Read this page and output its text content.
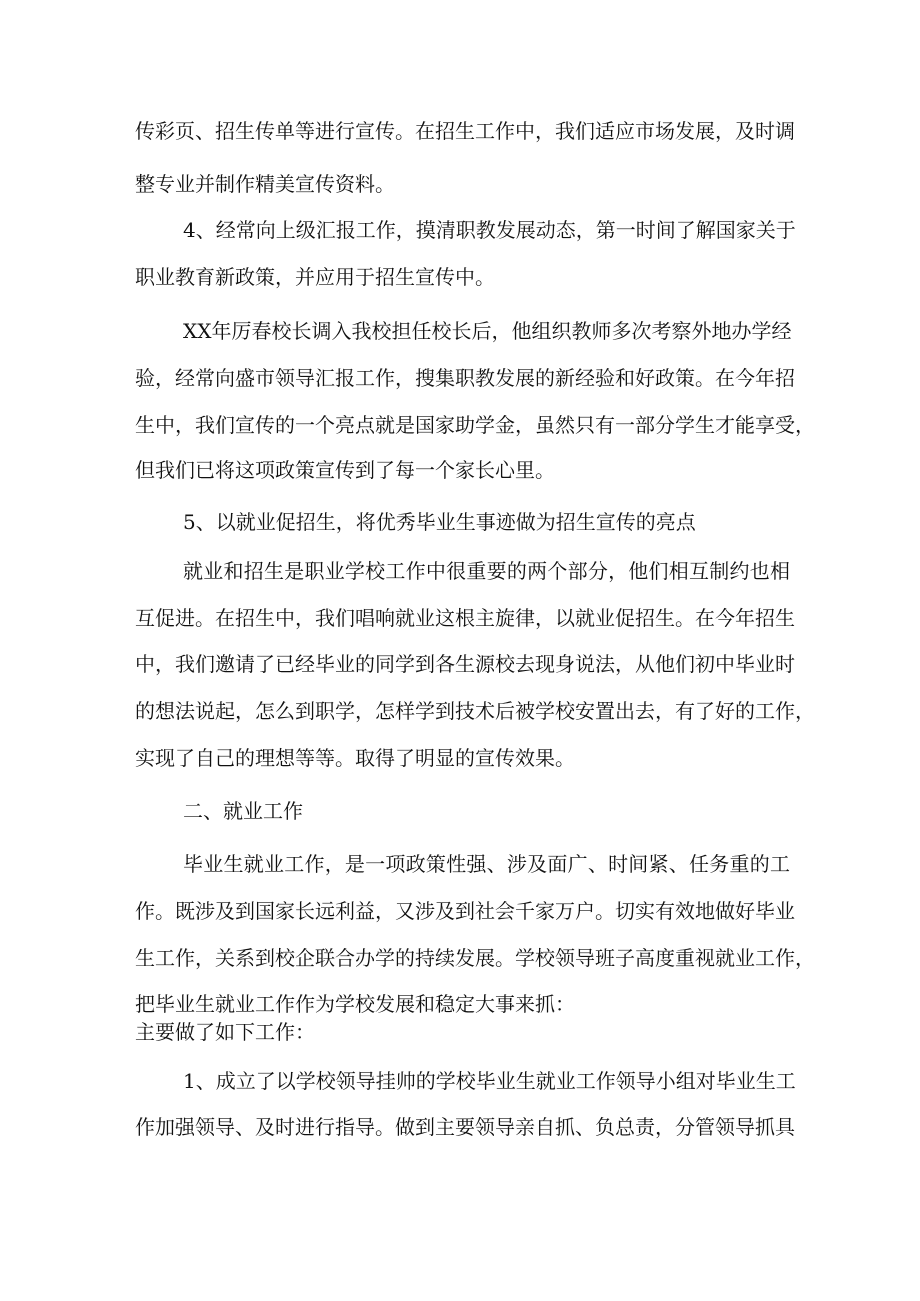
传彩页、招生传单等进行宣传。在招生工作中，我们适应市场发展，及时调
整专业并制作精美宣传资料。
4、经常向上级汇报工作，摸清职教发展动态，第一时间了解国家关于
职业教育新政策，并应用于招生宣传中。
XX年厉春校长调入我校担任校长后，他组织教师多次考察外地办学经
验，经常向盛市领导汇报工作，搜集职教发展的新经验和好政策。在今年招
生中，我们宣传的一个亮点就是国家助学金，虽然只有一部分学生才能享受，
但我们已将这项政策宣传到了每一个家长心里。
5、以就业促招生，将优秀毕业生事迹做为招生宣传的亮点
就业和招生是职业学校工作中很重要的两个部分，他们相互制约也相
互促进。在招生中，我们唱响就业这根主旋律，以就业促招生。在今年招生
中，我们邀请了已经毕业的同学到各生源校去现身说法，从他们初中毕业时
的想法说起，怎么到职学，怎样学到技术后被学校安置出去，有了好的工作，
实现了自己的理想等等。取得了明显的宣传效果。
二、就业工作
毕业生就业工作，是一项政策性强、涉及面广、时间紧、任务重的工
作。既涉及到国家长远利益，又涉及到社会千家万户。切实有效地做好毕业
生工作，关系到校企联合办学的持续发展。学校领导班子高度重视就业工作，
把毕业生就业工作作为学校发展和稳定大事来抓：
主要做了如下工作：
1、成立了以学校领导挂帅的学校毕业生就业工作领导小组对毕业生工
作加强领导、及时进行指导。做到主要领导亲自抓、负总责，分管领导抓具
